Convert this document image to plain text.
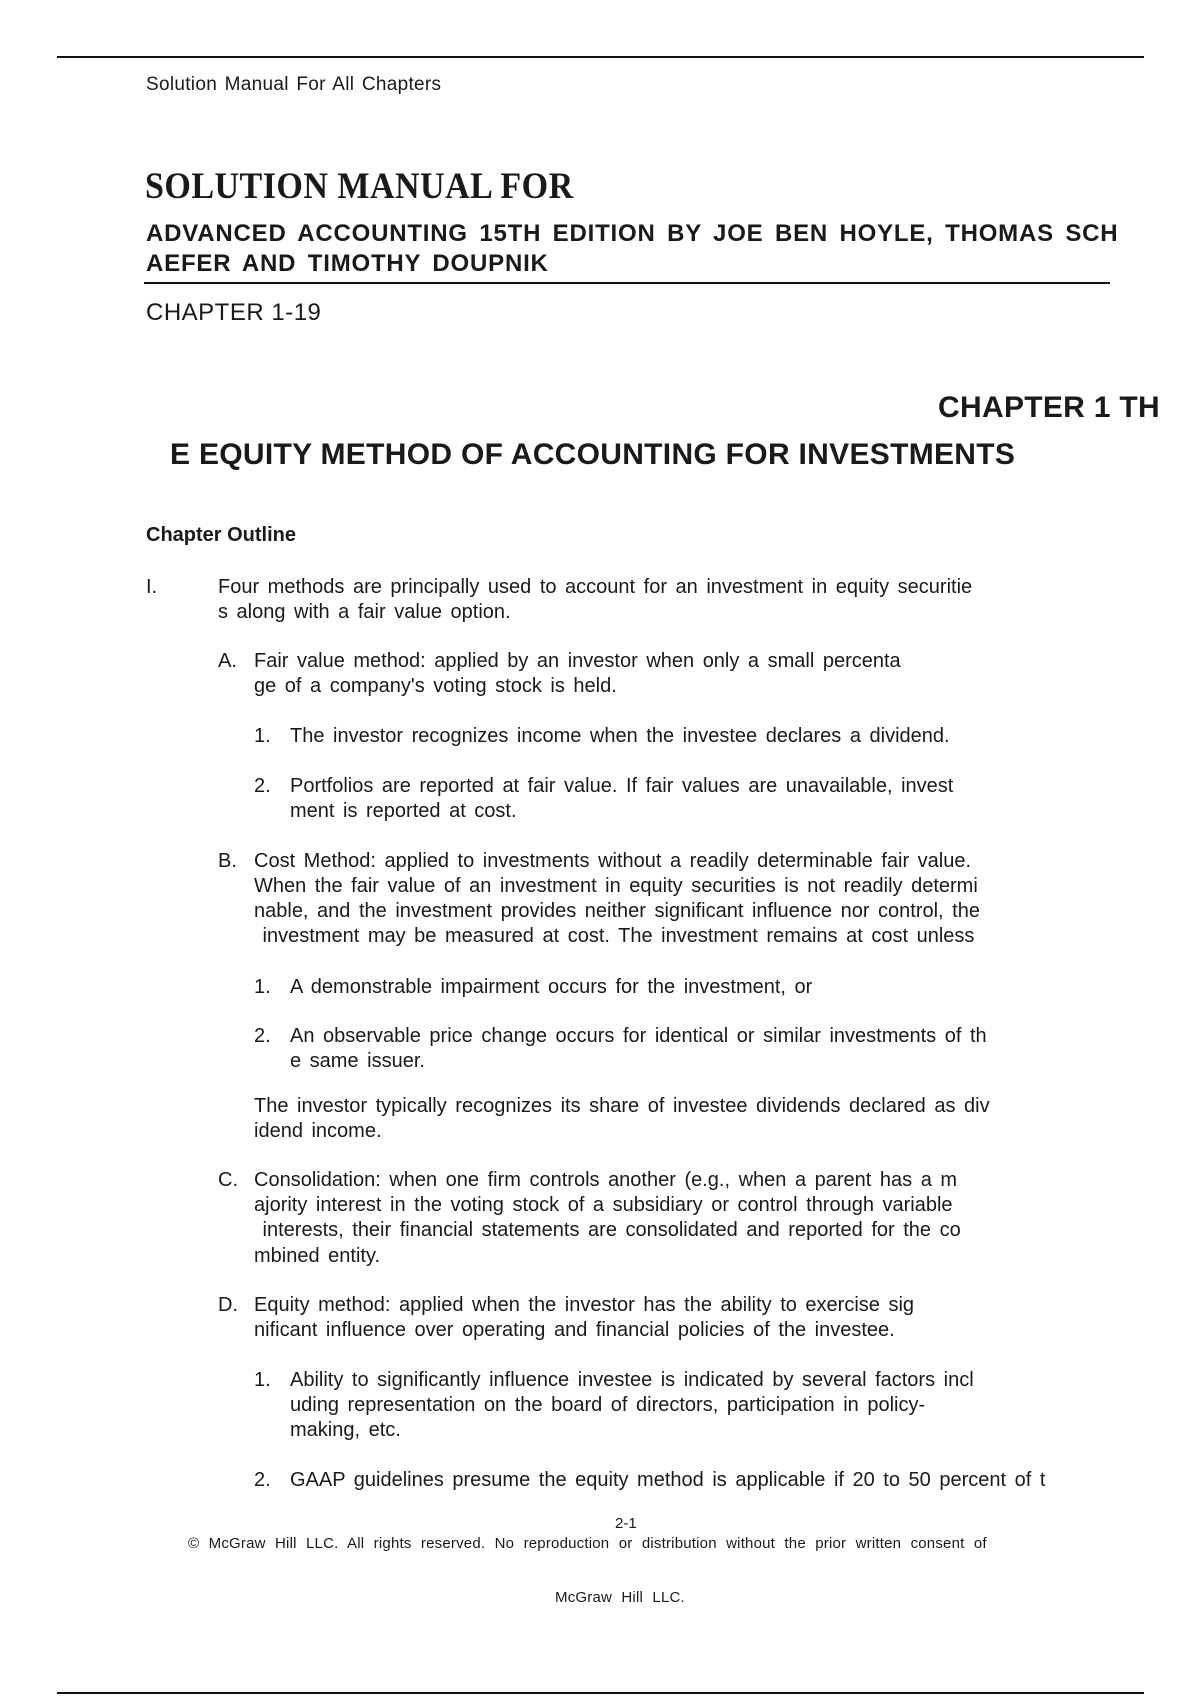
Solution Manual For All Chapters
SOLUTION MANUAL FOR
ADVANCED ACCOUNTING 15TH EDITION BY JOE BEN HOYLE, THOMAS SCH
AEFER AND TIMOTHY DOUPNIK
CHAPTER 1-19
CHAPTER 1 TH
E EQUITY METHOD OF ACCOUNTING FOR INVESTMENTS
Chapter Outline
I.	Four methods are principally used to account for an investment in equity securitie
s along with a fair value option.
A. Fair value method: applied by an investor when only a small percenta
ge of a company's voting stock is held.
1. The investor recognizes income when the investee declares a dividend.
2. Portfolios are reported at fair value. If fair values are unavailable, invest
ment is reported at cost.
B. Cost Method: applied to investments without a readily determinable fair value.
When the fair value of an investment in equity securities is not readily determi
nable, and the investment provides neither significant influence nor control, the
investment may be measured at cost. The investment remains at cost unless
1. A demonstrable impairment occurs for the investment, or
2. An observable price change occurs for identical or similar investments of th
e same issuer.
The investor typically recognizes its share of investee dividends declared as div
idend income.
C. Consolidation: when one firm controls another (e.g., when a parent has a m
ajority interest in the voting stock of a subsidiary or control through variable
interests, their financial statements are consolidated and reported for the co
mbined entity.
D. Equity method: applied when the investor has the ability to exercise sig
nificant influence over operating and financial policies of the investee.
1. Ability to significantly influence investee is indicated by several factors incl
uding representation on the board of directors, participation in policy-
making, etc.
2. GAAP guidelines presume the equity method is applicable if 20 to 50 percent of t
2-1
© McGraw Hill LLC. All rights reserved. No reproduction or distribution without the prior written consent of

McGraw Hill LLC.
